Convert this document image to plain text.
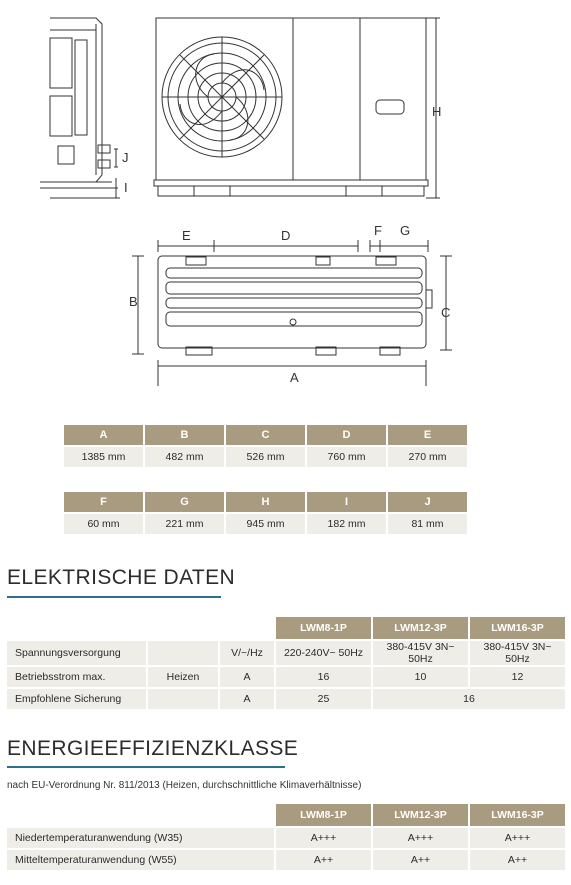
J
I
H
E	D	F G
B
C
A
A	B	C	D	E
1385 mm	482 mm	526 mm	760 mm	270 mm
F	G	H	I	J
60 mm	221 mm	945 mm	182 mm	81 mm
ELEKTRISCHE DATEN
			LWM8-1P	LWM12-3P	LWM16-3P
Spannungsversorgung		V/~/Hz	220-240V~ 50Hz	380-415V 3N~ 50Hz	380-415V 3N~ 50Hz
Betriebsstrom max.	Heizen	A	16	10	12
Empfohlene Sicherung		A	25	16	
ENERGIEEFFIZIENZKLASSE
nach EU-Verordnung Nr. 811/2013 (Heizen, durchschnittliche Klimaverhältnisse)
	LWM8-1P	LWM12-3P	LWM16-3P
Niedertemperaturanwendung (W35)	A+++	A+++	A+++
Mitteltemperaturanwendung (W55)	A++	A++	A++
